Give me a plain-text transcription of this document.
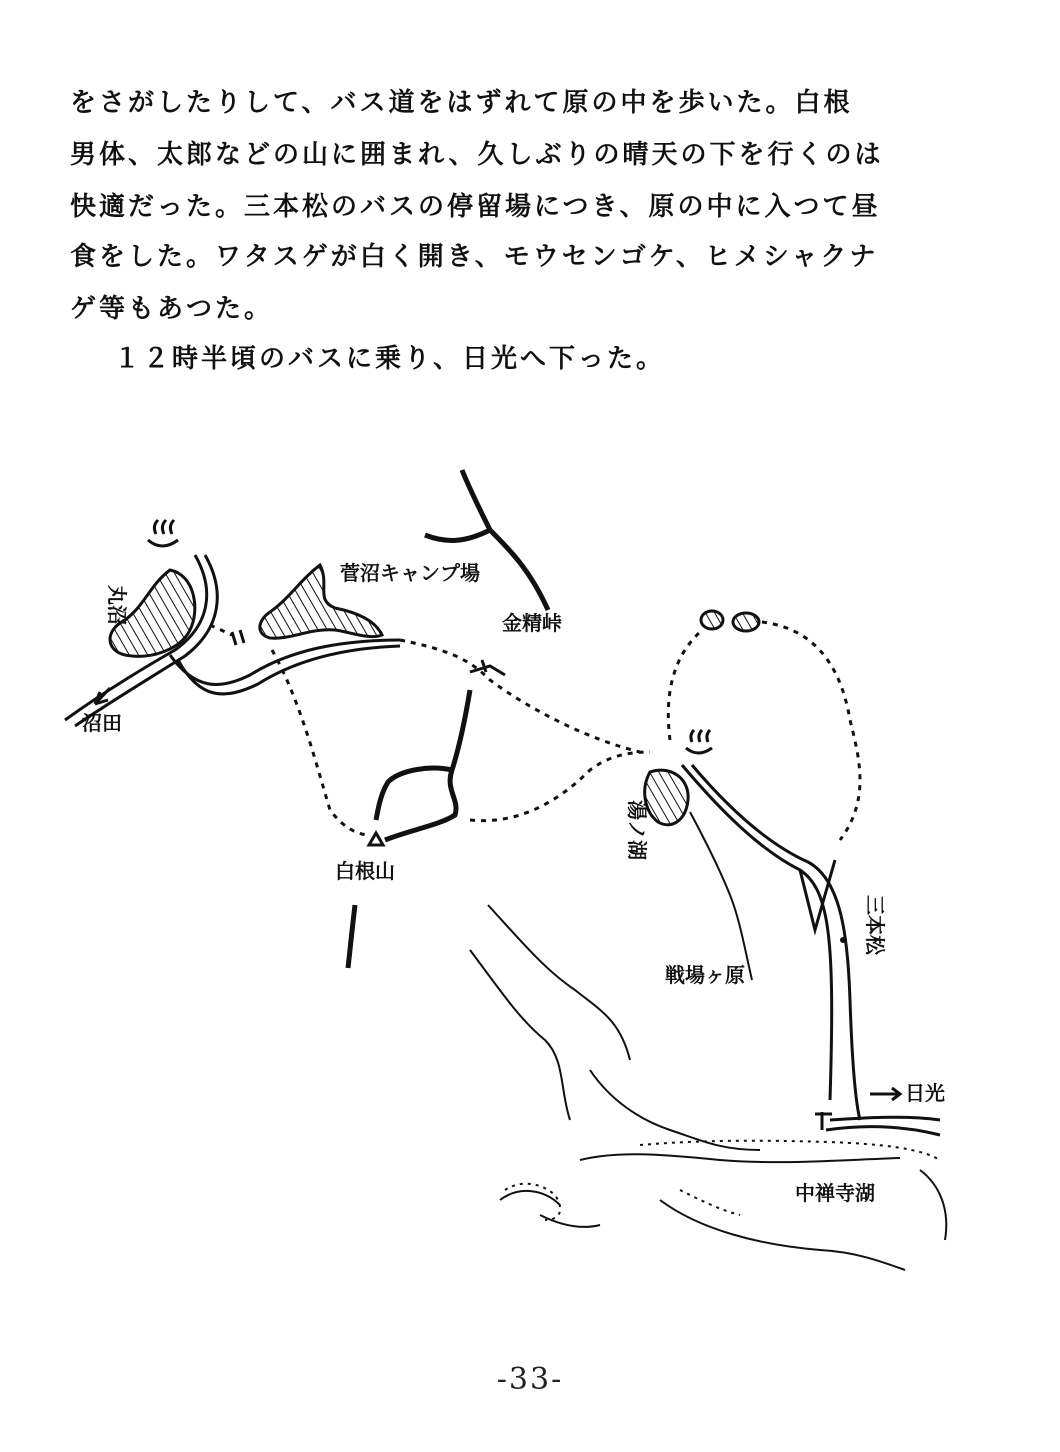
をさがしたりして、バス道をはずれて原の中を歩いた。白根
男体、太郎などの山に囲まれ、久しぶりの晴天の下を行くのは
快適だった。三本松のバスの停留場につき、原の中に入つて昼
食をした。ワタスゲが白く開き、モウセンゴケ、ヒメシャクナ
ゲ等もあつた。
１２時半頃のバスに乗り、日光へ下った。
丸沼
菅沼キャンプ場
金精峠
沼田
白根山
湯ノ湖
三本松
戦場ヶ原
日光
中禅寺湖
-33-
